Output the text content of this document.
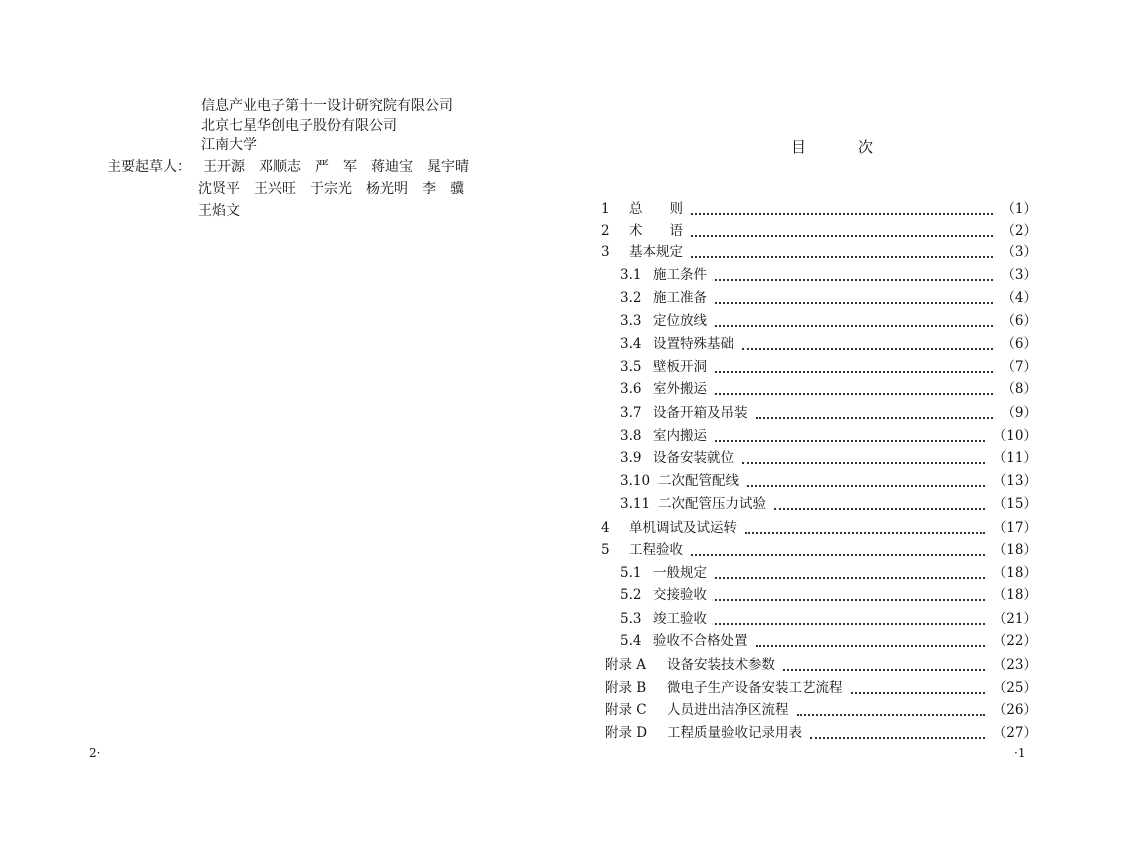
信息产业电子第十一设计研究院有限公司
北京七星华创电子股份有限公司
江南大学
主要起草人： 王开源　邓顺志　严　军　蒋迪宝　晁宇晴
沈贤平　王兴旺　于宗光　杨光明　李　骥
王焰文
2·
目	次
1 总　　则	（1）
2 术　　语	（2）
3 基本规定	（3）
3.1 施工条件	（3）
3.2 施工准备	（4）
3.3 定位放线	（6）
3.4 设置特殊基础	（6）
3.5 壁板开洞	（7）
3.6 室外搬运	（8）
3.7 设备开箱及吊装	（9）
3.8 室内搬运	（10）
3.9 设备安装就位	（11）
3.10 二次配管配线	（13）
3.11 二次配管压力试验	（15）
4 单机调试及试运转	（17）
5 工程验收	（18）
5.1 一般规定	（18）
5.2 交接验收	（18）
5.3 竣工验收	（21）
5.4 验收不合格处置	（22）
附录 A 设备安装技术参数	（23）
附录 B 微电子生产设备安装工艺流程	（25）
附录 C 人员进出洁净区流程	（26）
附录 D 工程质量验收记录用表	（27）
·1
